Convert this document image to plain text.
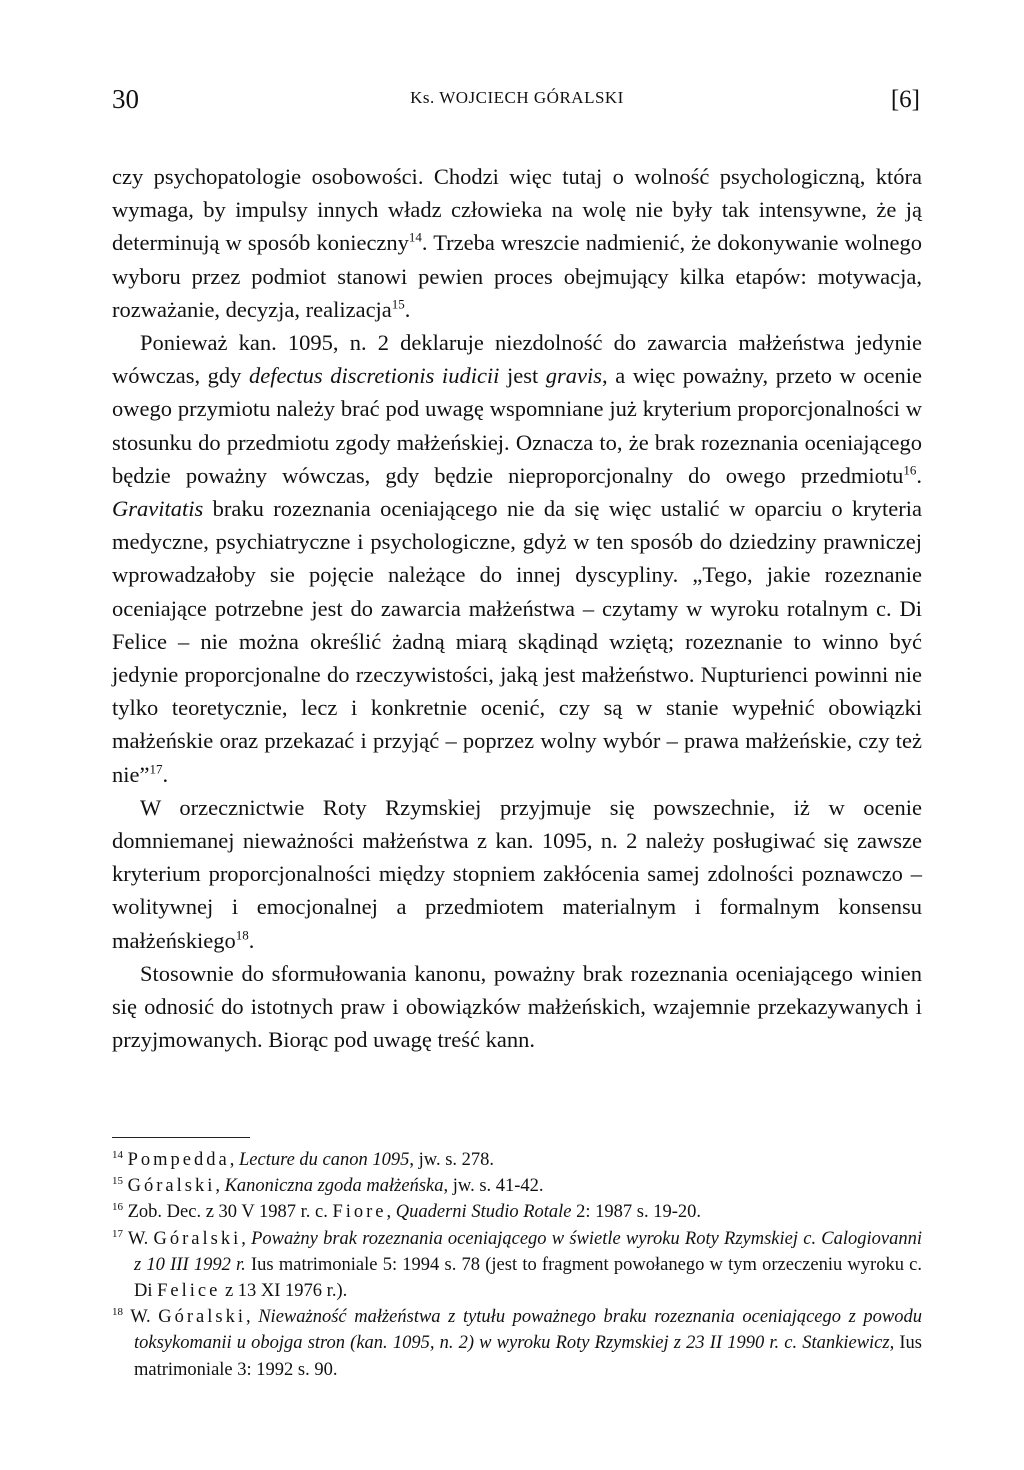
30	Ks. WOJCIECH GÓRALSKI	[6]

czy psychopatologie osobowości. Chodzi więc tutaj o wolność psychologiczną, która wymaga, by impulsy innych władz człowieka na wolę nie były tak intensywne, że ją determinują w sposób konieczny$^{14}$. Trzeba wreszcie nadmienić, że dokonywanie wolnego wyboru przez podmiot stanowi pewien proces obejmujący kilka etapów: motywacja, rozważanie, decyzja, realizacja$^{15}$.

Ponieważ kan. 1095, n. 2 deklaruje niezdolność do zawarcia małżeństwa jedynie wówczas, gdy defectus discretionis iudicii jest gravis, a więc poważny, przeto w ocenie owego przymiotu należy brać pod uwagę wspomniane już kryterium proporcjonalności w stosunku do przedmiotu zgody małżeńskiej. Oznacza to, że brak rozeznania oceniającego będzie poważny wówczas, gdy będzie nieproporcjonalny do owego przedmiotu$^{16}$. Gravitatis braku rozeznania oceniającego nie da się więc ustalić w oparciu o kryteria medyczne, psychiatryczne i psychologiczne, gdyż w ten sposób do dziedziny prawniczej wprowadzałoby sie pojęcie należące do innej dyscypliny. „Tego, jakie rozeznanie oceniające potrzebne jest do zawarcia małżeństwa – czytamy w wyroku rotalnym c. Di Felice – nie można określić żadną miarą skądinąd wziętą; rozeznanie to winno być jedynie proporcjonalne do rzeczywistości, jaką jest małżeństwo. Nupturienci powinni nie tylko teoretycznie, lecz i konkretnie ocenić, czy są w stanie wypełnić obowiązki małżeńskie oraz przekazać i przyjąć – poprzez wolny wybór – prawa małżeńskie, czy też nie”$^{17}$.

W orzecznictwie Roty Rzymskiej przyjmuje się powszechnie, iż w ocenie domniemanej nieważności małżeństwa z kan. 1095, n. 2 należy posługiwać się zawsze kryterium proporcjonalności między stopniem zakłócenia samej zdolności poznawczo – wolitywnej i emocjonalnej a przedmiotem materialnym i formalnym konsensu małżeńskiego$^{18}$.

Stosownie do sformułowania kanonu, poważny brak rozeznania oceniającego winien się odnosić do istotnych praw i obowiązków małżeńskich, wzajemnie przekazywanych i przyjmowanych. Biorąc pod uwagę treść kann.

$^{14}$ Pompedda, Lecture du canon 1095, jw. s. 278.

$^{15}$ Góralski, Kanoniczna zgoda małżeńska, jw. s. 41-42.

$^{16}$ Zob. Dec. z 30 V 1987 r. c. Fiore, Quaderni Studio Rotale 2: 1987 s. 19-20.

$^{17}$ W. Góralski, Poważny brak rozeznania oceniającego w świetle wyroku Roty Rzymskiej c. Calogiovanni z 10 III 1992 r. Ius matrimoniale 5: 1994 s. 78 (jest to fragment powołanego w tym orzeczeniu wyroku c. Di Felice z 13 XI 1976 r.).

$^{18}$ W. Góralski, Nieważność małżeństwa z tytułu poważnego braku rozeznania oceniającego z powodu toksykomanii u obojga stron (kan. 1095, n. 2) w wyroku Roty Rzymskiej z 23 II 1990 r. c. Stankiewicz, Ius matrimoniale 3: 1992 s. 90.
